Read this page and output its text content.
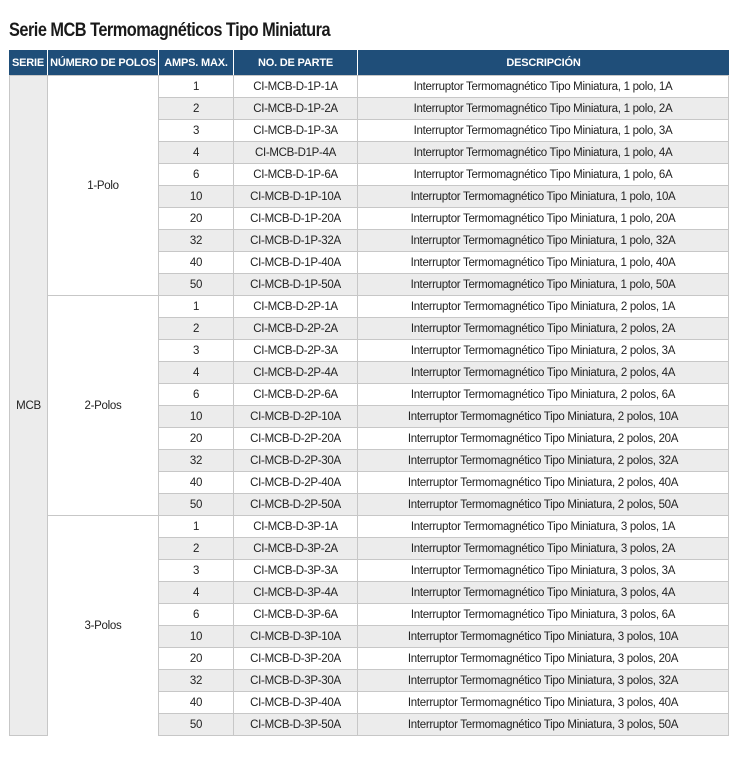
Serie MCB Termomagnéticos Tipo Miniatura
SERIE	NÚMERO DE POLOS	AMPS. MAX.	NO. DE PARTE	DESCRIPCIÓN
MCB	1-Polo	1	CI-MCB-D-1P-1A	Interruptor Termomagnético Tipo Miniatura, 1 polo, 1A
		2	CI-MCB-D-1P-2A	Interruptor Termomagnético Tipo Miniatura, 1 polo, 2A
		3	CI-MCB-D-1P-3A	Interruptor Termomagnético Tipo Miniatura, 1 polo, 3A
		4	CI-MCB-D1P-4A	Interruptor Termomagnético Tipo Miniatura, 1 polo, 4A
		6	CI-MCB-D-1P-6A	Interruptor Termomagnético Tipo Miniatura, 1 polo, 6A
		10	CI-MCB-D-1P-10A	Interruptor Termomagnético Tipo Miniatura, 1 polo, 10A
		20	CI-MCB-D-1P-20A	Interruptor Termomagnético Tipo Miniatura, 1 polo, 20A
		32	CI-MCB-D-1P-32A	Interruptor Termomagnético Tipo Miniatura, 1 polo, 32A
		40	CI-MCB-D-1P-40A	Interruptor Termomagnético Tipo Miniatura, 1 polo, 40A
		50	CI-MCB-D-1P-50A	Interruptor Termomagnético Tipo Miniatura, 1 polo, 50A
	2-Polos	1	CI-MCB-D-2P-1A	Interruptor Termomagnético Tipo Miniatura, 2 polos, 1A
		2	CI-MCB-D-2P-2A	Interruptor Termomagnético Tipo Miniatura, 2 polos, 2A
		3	CI-MCB-D-2P-3A	Interruptor Termomagnético Tipo Miniatura, 2 polos, 3A
		4	CI-MCB-D-2P-4A	Interruptor Termomagnético Tipo Miniatura, 2 polos, 4A
		6	CI-MCB-D-2P-6A	Interruptor Termomagnético Tipo Miniatura, 2 polos, 6A
		10	CI-MCB-D-2P-10A	Interruptor Termomagnético Tipo Miniatura, 2 polos, 10A
		20	CI-MCB-D-2P-20A	Interruptor Termomagnético Tipo Miniatura, 2 polos, 20A
		32	CI-MCB-D-2P-30A	Interruptor Termomagnético Tipo Miniatura, 2 polos, 32A
		40	CI-MCB-D-2P-40A	Interruptor Termomagnético Tipo Miniatura, 2 polos, 40A
		50	CI-MCB-D-2P-50A	Interruptor Termomagnético Tipo Miniatura, 2 polos, 50A
	3-Polos	1	CI-MCB-D-3P-1A	Interruptor Termomagnético Tipo Miniatura, 3 polos, 1A
		2	CI-MCB-D-3P-2A	Interruptor Termomagnético Tipo Miniatura, 3 polos, 2A
		3	CI-MCB-D-3P-3A	Interruptor Termomagnético Tipo Miniatura, 3 polos, 3A
		4	CI-MCB-D-3P-4A	Interruptor Termomagnético Tipo Miniatura, 3 polos, 4A
		6	CI-MCB-D-3P-6A	Interruptor Termomagnético Tipo Miniatura, 3 polos, 6A
		10	CI-MCB-D-3P-10A	Interruptor Termomagnético Tipo Miniatura, 3 polos, 10A
		20	CI-MCB-D-3P-20A	Interruptor Termomagnético Tipo Miniatura, 3 polos, 20A
		32	CI-MCB-D-3P-30A	Interruptor Termomagnético Tipo Miniatura, 3 polos, 32A
		40	CI-MCB-D-3P-40A	Interruptor Termomagnético Tipo Miniatura, 3 polos, 40A
		50	CI-MCB-D-3P-50A	Interruptor Termomagnético Tipo Miniatura, 3 polos, 50A
